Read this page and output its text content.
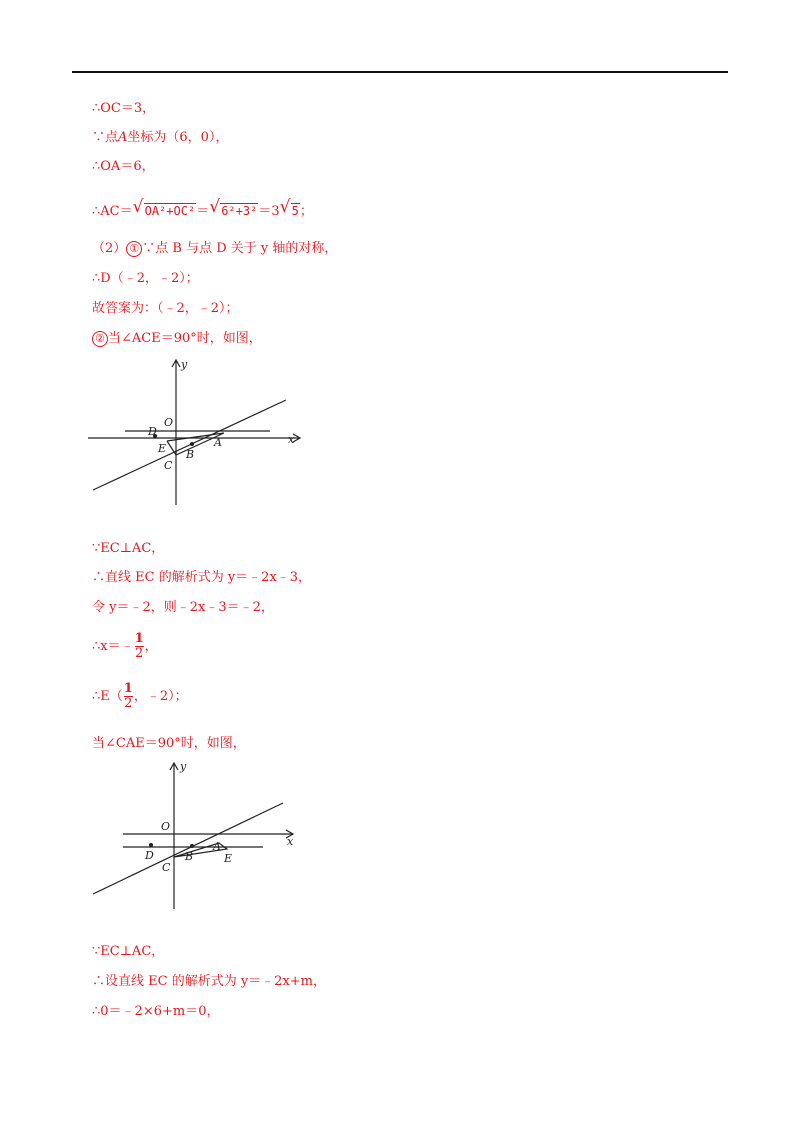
∴OC＝3，
∵点A坐标为（6，0），
∴OA＝6，
∴AC＝ √ OA²+OC²＝ √ 6²+3²＝3 √ 5；
（2） ① ∵点 B 与点 D 关于 y 轴的对称，
∴D（﹣2，﹣2）；
故答案为：（﹣2，﹣2）；
② 当∠ACE＝90°时，如图，
y
x
O
D
E	A
B
C
∵EC⊥AC，
∴直线 EC 的解析式为 y＝﹣2x﹣3，
令 y＝﹣2，则﹣2x﹣3＝﹣2，
∴x＝﹣ $\frac{1}{2}$ ，
∴E（ $\frac{1}{2}$ ，﹣2）；
当∠CAE＝90°时，如图，
y
x
O
D	E
A
B
C
∵EC⊥AC，
∴设直线 EC 的解析式为 y＝﹣2x+m，
∴0＝﹣2×6+m＝0，
